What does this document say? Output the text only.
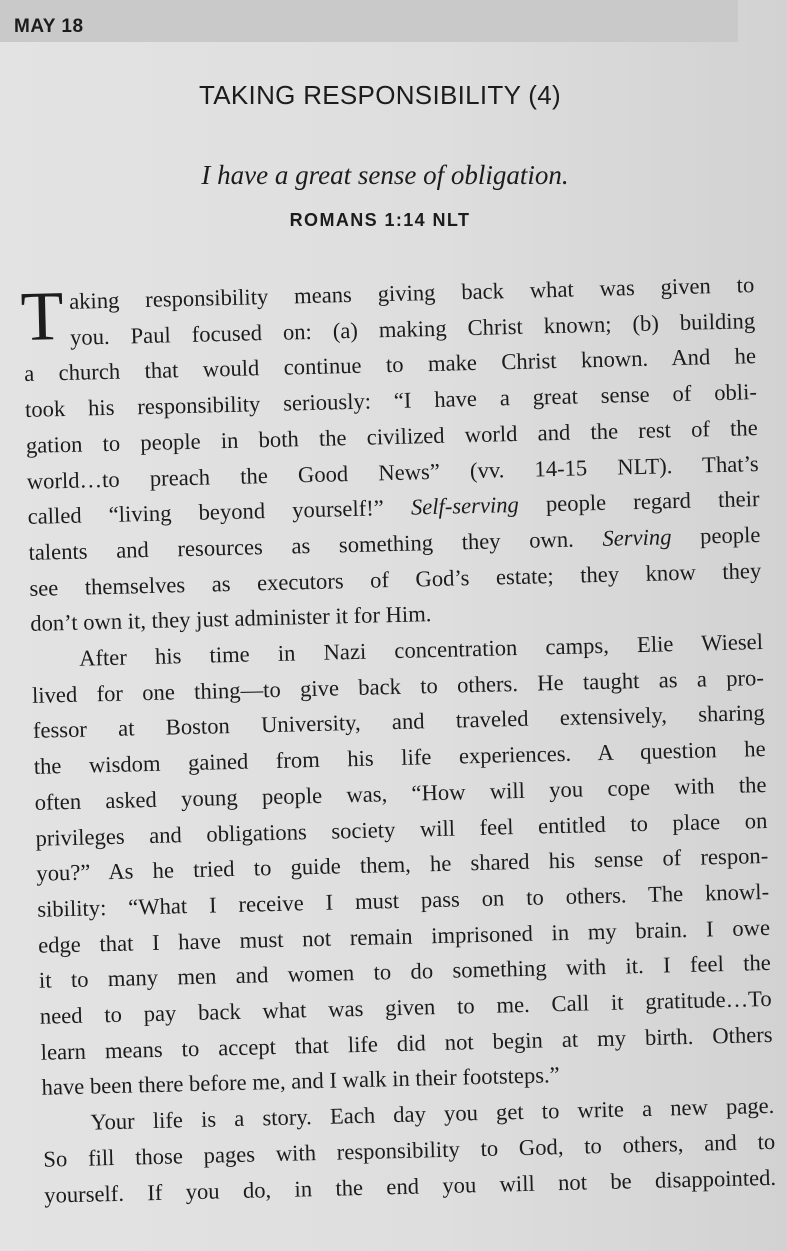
MAY 18
TAKING RESPONSIBILITY (4)
I have a great sense of obligation.
ROMANS 1:14 NLT
T aking responsibility means giving back what was given to
you. Paul focused on: (a) making Christ known; (b) building
a church that would continue to make Christ known. And he
took his responsibility seriously: “I have a great sense of obli-
gation to people in both the civilized world and the rest of the
world…to preach the Good News” (vv. 14-15 NLT). That’s
called “living beyond yourself!” Self-serving people regard their
talents and resources as something they own. Serving people
see themselves as executors of God’s estate; they know they
don’t own it, they just administer it for Him.
After his time in Nazi concentration camps, Elie Wiesel
lived for one thing—to give back to others. He taught as a pro-
fessor at Boston University, and traveled extensively, sharing
the wisdom gained from his life experiences. A question he
often asked young people was, “How will you cope with the
privileges and obligations society will feel entitled to place on
you?” As he tried to guide them, he shared his sense of respon-
sibility: “What I receive I must pass on to others. The knowl-
edge that I have must not remain imprisoned in my brain. I owe
it to many men and women to do something with it. I feel the
need to pay back what was given to me. Call it gratitude…To
learn means to accept that life did not begin at my birth. Others
have been there before me, and I walk in their footsteps.”
Your life is a story. Each day you get to write a new page.
So fill those pages with responsibility to God, to others, and to
yourself. If you do, in the end you will not be disappointed.
